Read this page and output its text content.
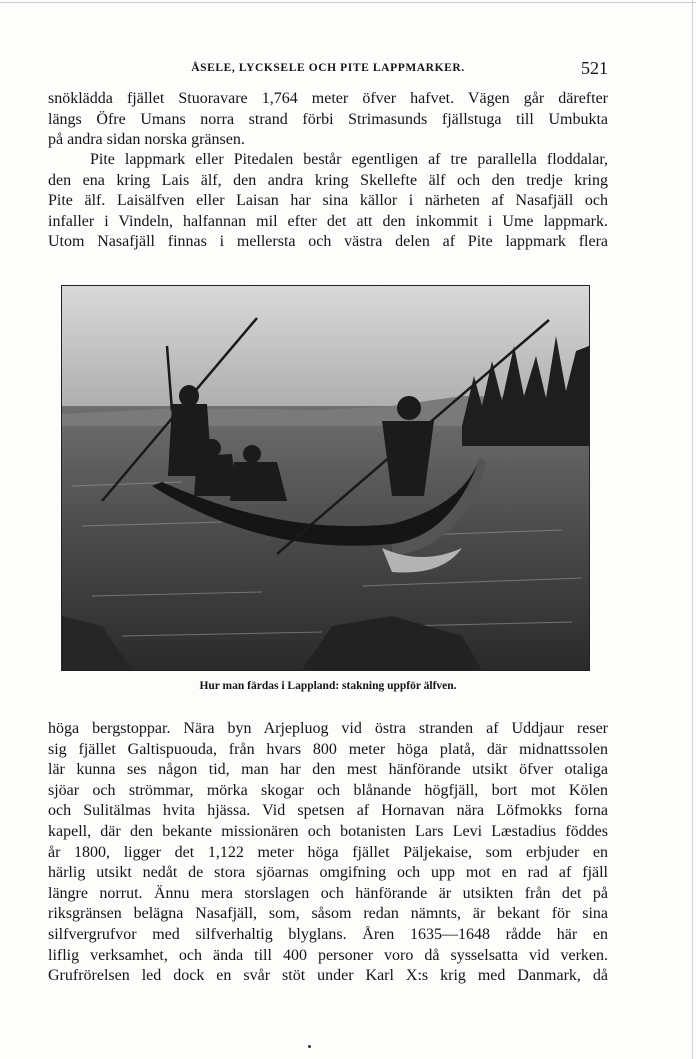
ÅSELE, LYCKSELE OCH PITE LAPPMARKER.	521
snöklädda fjället Stuoravare 1,764 meter öfver hafvet. Vägen går därefter
längs Öfre Umans norra strand förbi Strimasunds fjällstuga till Umbukta
på andra sidan norska gränsen.
Pite lappmark eller Pitedalen består egentligen af tre parallella floddalar,
den ena kring Lais älf, den andra kring Skellefte älf och den tredje kring
Pite älf. Laisälfven eller Laisan har sina källor i närheten af Nasafjäll och
infaller i Vindeln, halfannan mil efter det att den inkommit i Ume lappmark.
Utom Nasafjäll finnas i mellersta och västra delen af Pite lappmark flera
Hur man färdas i Lappland: stakning uppför älfven.
höga bergstoppar. Nära byn Arjepluog vid östra stranden af Uddjaur reser
sig fjället Galtispuouda, från hvars 800 meter höga platå, där midnattssolen
lär kunna ses någon tid, man har den mest hänförande utsikt öfver otaliga
sjöar och strömmar, mörka skogar och blånande högfjäll, bort mot Kölen
och Sulitälmas hvita hjässa. Vid spetsen af Hornavan nära Löfmokks forna
kapell, där den bekante missionären och botanisten Lars Levi Læstadius föddes
år 1800, ligger det 1,122 meter höga fjället Päljekaise, som erbjuder en
härlig utsikt nedåt de stora sjöarnas omgifning och upp mot en rad af fjäll
längre norrut. Ännu mera storslagen och hänförande är utsikten från det på
riksgränsen belägna Nasafjäll, som, såsom redan nämnts, är bekant för sina
silfvergrufvor med silfverhaltig blyglans. Åren 1635—1648 rådde här en
liflig verksamhet, och ända till 400 personer voro då sysselsatta vid verken.
Grufrörelsen led dock en svår stöt under Karl X:s krig med Danmark, då
